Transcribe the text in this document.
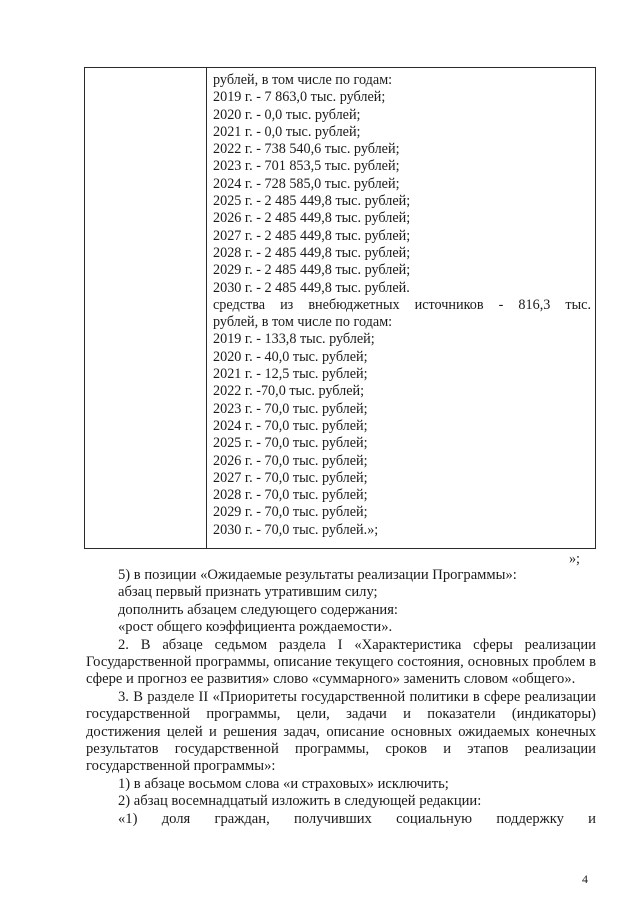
рублей, в том числе по годам:
2019 г. - 7 863,0 тыс. рублей;
2020 г. - 0,0 тыс. рублей;
2021 г. - 0,0 тыс. рублей;
2022 г. - 738 540,6 тыс. рублей;
2023 г. - 701 853,5 тыс. рублей;
2024 г. - 728 585,0 тыс. рублей;
2025 г. - 2 485 449,8 тыс. рублей;
2026 г. - 2 485 449,8 тыс. рублей;
2027 г. - 2 485 449,8 тыс. рублей;
2028 г. - 2 485 449,8 тыс. рублей;
2029 г. - 2 485 449,8 тыс. рублей;
2030 г. - 2 485 449,8 тыс. рублей.
средства из внебюджетных источников - 816,3 тыс.
рублей, в том числе по годам:
2019 г. - 133,8 тыс. рублей;
2020 г. - 40,0 тыс. рублей;
2021 г. - 12,5 тыс. рублей;
2022 г. -70,0 тыс. рублей;
2023 г. - 70,0 тыс. рублей;
2024 г. - 70,0 тыс. рублей;
2025 г. - 70,0 тыс. рублей;
2026 г. - 70,0 тыс. рублей;
2027 г. - 70,0 тыс. рублей;
2028 г. - 70,0 тыс. рублей;
2029 г. - 70,0 тыс. рублей;
2030 г. - 70,0 тыс. рублей.»;
»;

5) в позиции «Ожидаемые результаты реализации Программы»:

абзац первый признать утратившим силу;

дополнить абзацем следующего содержания:

«рост общего коэффициента рождаемости».

2. В абзаце седьмом раздела I «Характеристика сферы реализации Государственной программы, описание текущего состояния, основных проблем в сфере и прогноз ее развития» слово «суммарного» заменить словом «общего».

3. В разделе II «Приоритеты государственной политики в сфере реализации государственной программы, цели, задачи и показатели (индикаторы) достижения целей и решения задач, описание основных ожидаемых конечных результатов государственной программы, сроков и этапов реализации государственной программы»:

1) в абзаце восьмом слова «и страховых» исключить;

2) абзац восемнадцатый изложить в следующей редакции:

«1) доля граждан, получивших социальную поддержку и

4
